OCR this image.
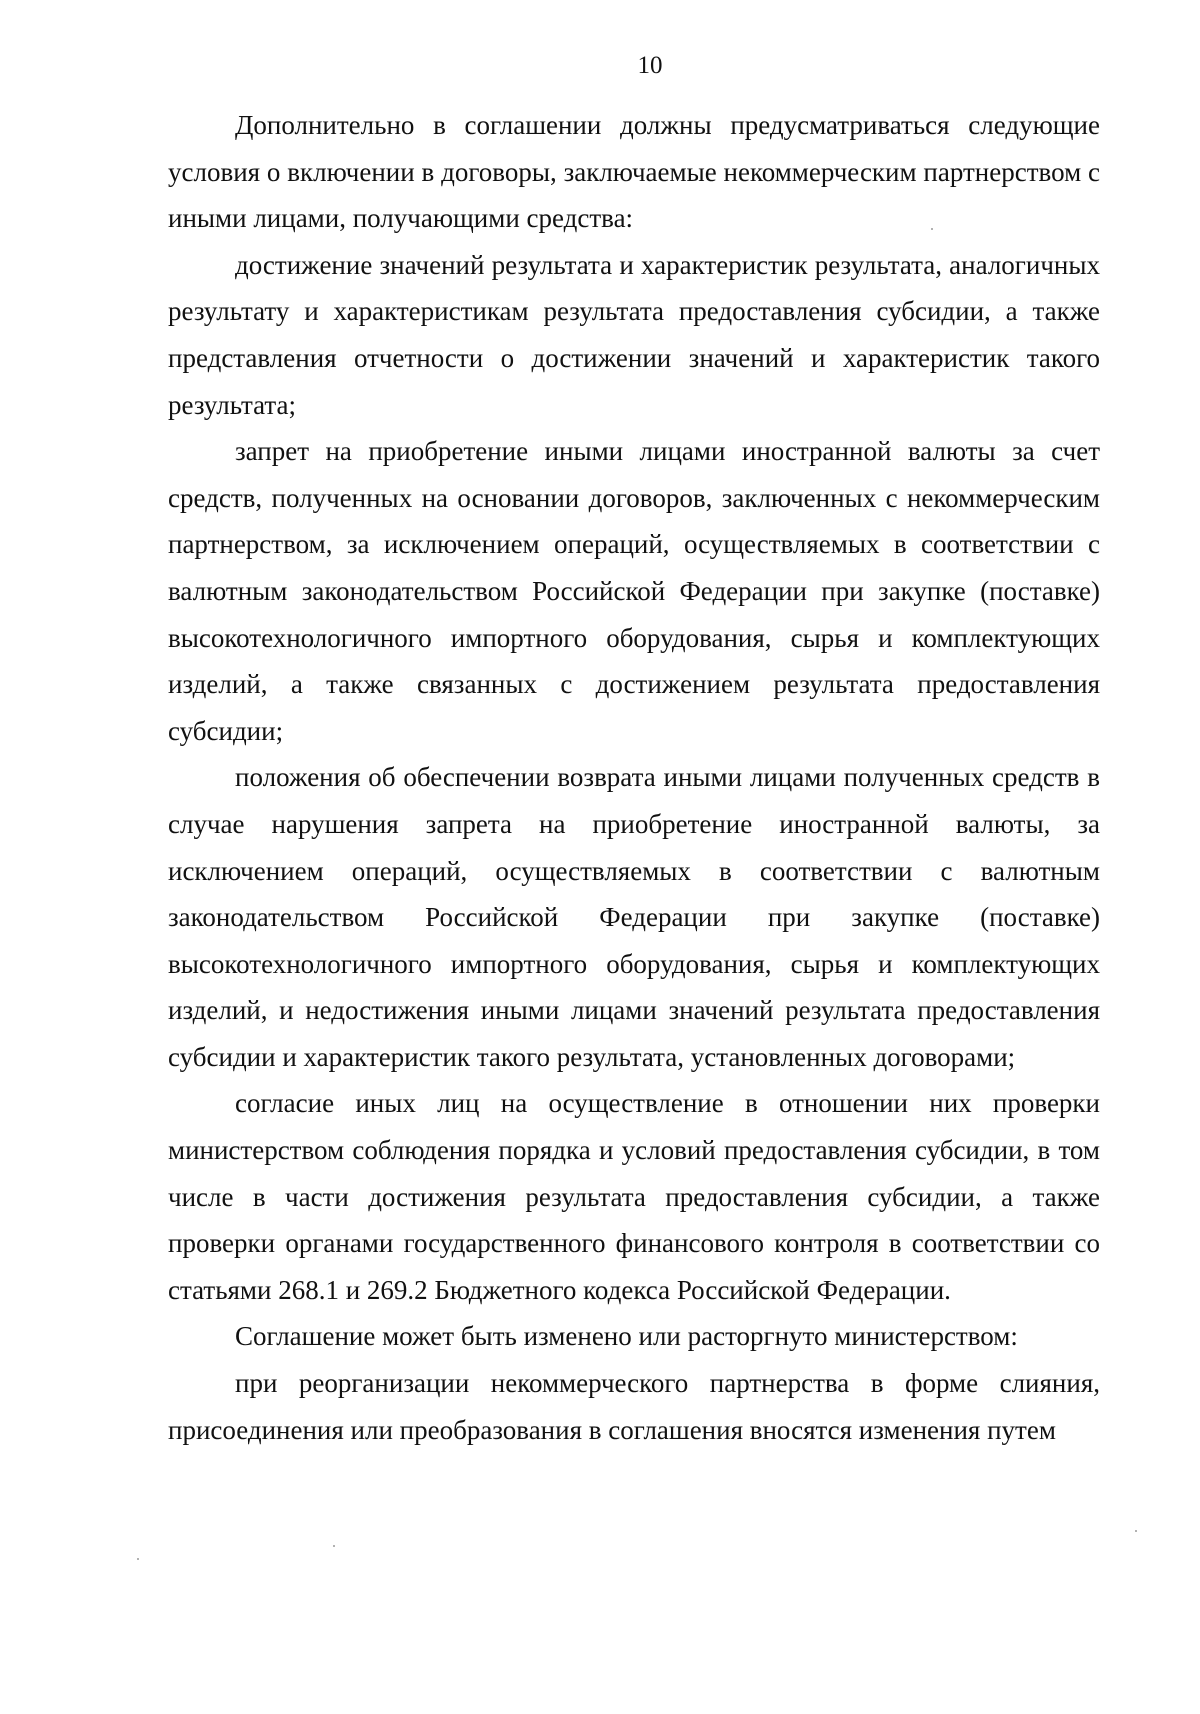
10

Дополнительно в соглашении должны предусматриваться следующие условия о включении в договоры, заключаемые некоммерческим партнерством с иными лицами, получающими средства:

достижение значений результата и характеристик результата, аналогичных результату и характеристикам результата предоставления субсидии, а также представления отчетности о достижении значений и характеристик такого результата;

запрет на приобретение иными лицами иностранной валюты за счет средств, полученных на основании договоров, заключенных с некоммерческим партнерством, за исключением операций, осуществляемых в соответствии с валютным законодательством Российской Федерации при закупке (поставке) высокотехнологичного импортного оборудования, сырья и комплектующих изделий, а также связанных с достижением результата предоставления субсидии;

положения об обеспечении возврата иными лицами полученных средств в случае нарушения запрета на приобретение иностранной валюты, за исключением операций, осуществляемых в соответствии с валютным законодательством Российской Федерации при закупке (поставке) высокотехнологичного импортного оборудования, сырья и комплектующих изделий, и недостижения иными лицами значений результата предоставления субсидии и характеристик такого результата, установленных договорами;

согласие иных лиц на осуществление в отношении них проверки министерством соблюдения порядка и условий предоставления субсидии, в том числе в части достижения результата предоставления субсидии, а также проверки органами государственного финансового контроля в соответствии со статьями 268.1 и 269.2 Бюджетного кодекса Российской Федерации.

Соглашение может быть изменено или расторгнуто министерством:

при реорганизации некоммерческого партнерства в форме слияния, присоединения или преобразования в соглашения вносятся изменения путем
